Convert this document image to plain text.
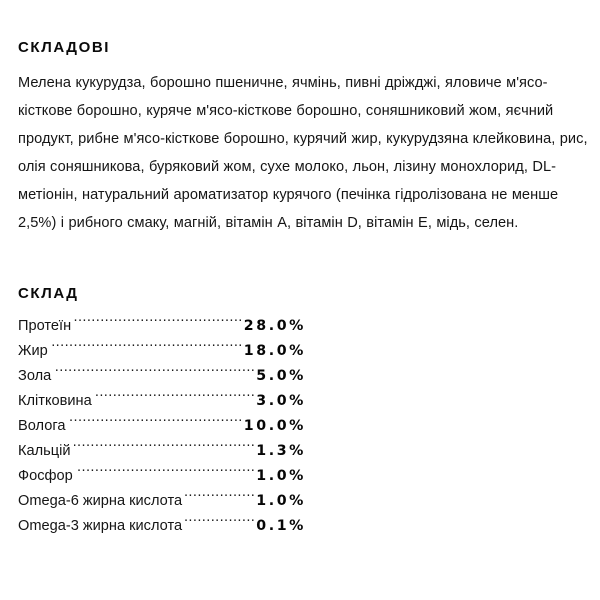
СКЛАДОВІ

Мелена кукурудза, борошно пшеничне, ячмінь, пивні дріжджі, яловиче м'ясо-кісткове борошно, куряче м'ясо-кісткове борошно, соняшниковий жом, яєчний продукт, рибне м'ясо-кісткове борошно, курячий жир, кукурудзяна клейковина, рис, олія соняшникова, буряковий жом, сухе молоко, льон, лізину монохлорид, DL-метіонін, натуральний ароматизатор курячого (печінка гідролізована не менше 2,5%) і рибного смаку, магній, вітамін A, вітамін D, вітамін E, мідь, селен.

СКЛАД
Протеїн .....	28.0%
Жир .....	18.0%
Зола .....	5.0%
Клітковина .....	3.0%
Волога .....	10.0%
Кальцій .....	1.3%
Фосфор .....	1.0%
Omega-6 жирна кислота .....	1.0%
Omega-3 жирна кислота .....	0.1%
